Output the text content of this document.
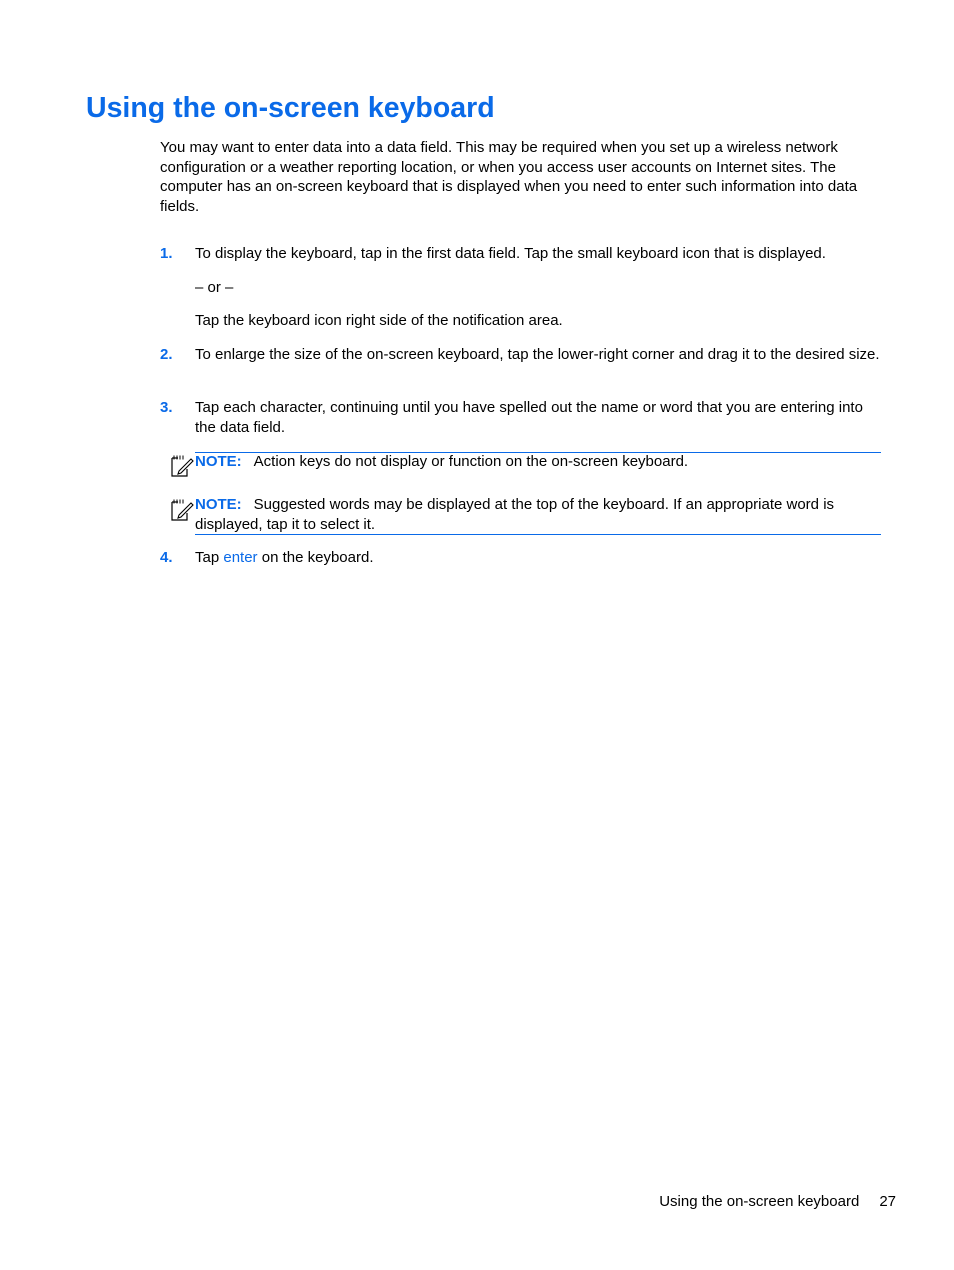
Using the on-screen keyboard

You may want to enter data into a data field. This may be required when you set up a wireless network configuration or a weather reporting location, or when you access user accounts on Internet sites. The computer has an on-screen keyboard that is displayed when you need to enter such information into data fields.

1. To display the keyboard, tap in the first data field. Tap the small keyboard icon that is displayed.

– or –

Tap the keyboard icon right side of the notification area.

2. To enlarge the size of the on-screen keyboard, tap the lower-right corner and drag it to the desired size.

3. Tap each character, continuing until you have spelled out the name or word that you are entering into the data field.

NOTE: Action keys do not display or function on the on-screen keyboard.

NOTE: Suggested words may be displayed at the top of the keyboard. If an appropriate word is displayed, tap it to select it.

4. Tap enter on the keyboard.

Using the on-screen keyboard 27
